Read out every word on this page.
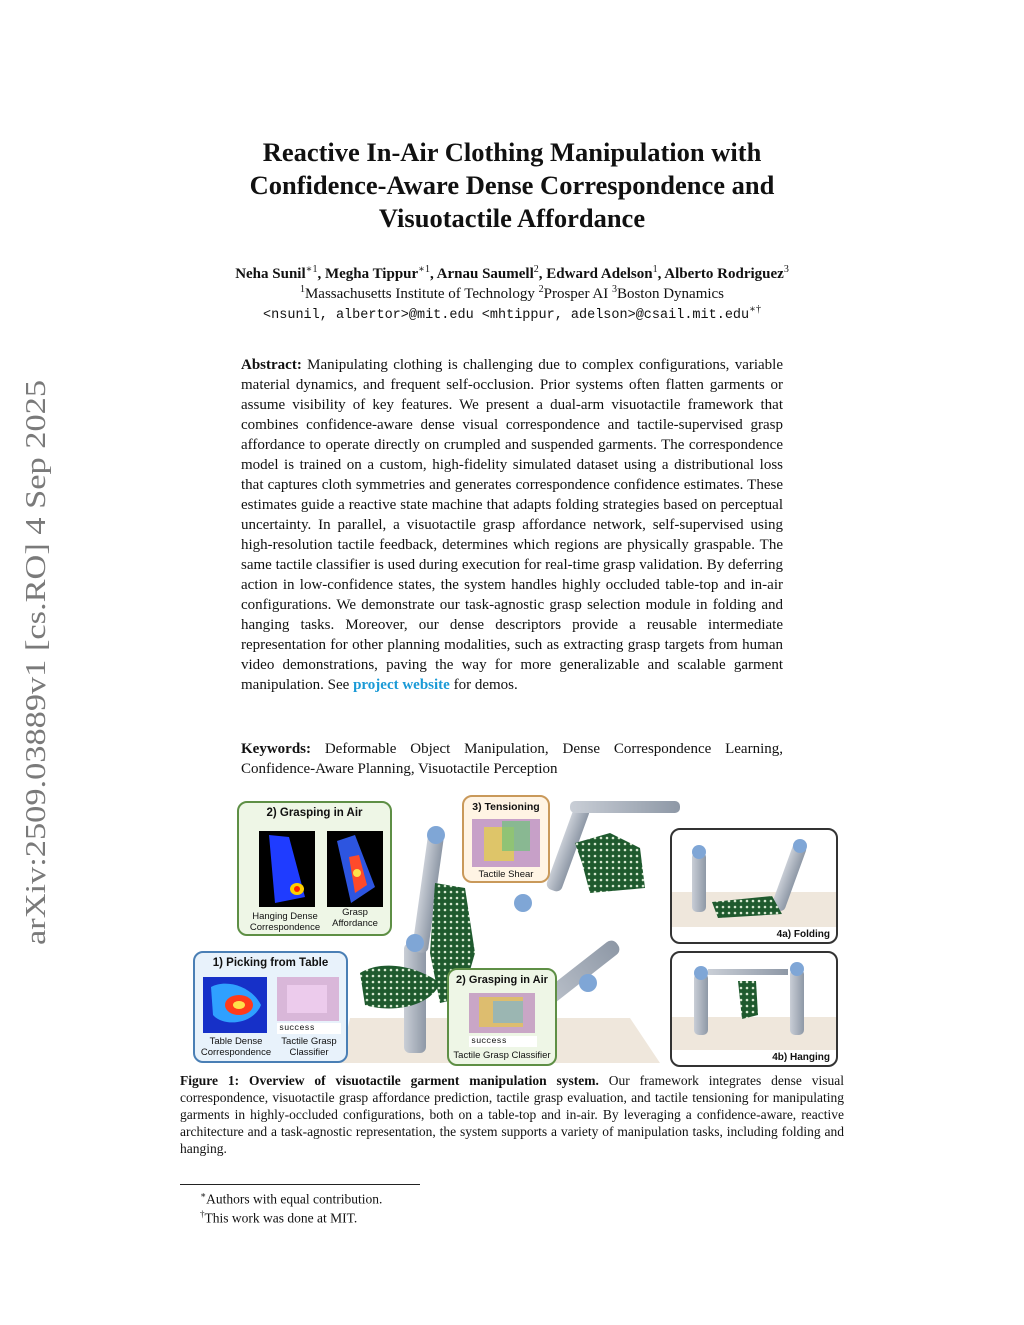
arXiv:2509.03889v1 [cs.RO] 4 Sep 2025
Reactive In-Air Clothing Manipulation with
Confidence-Aware Dense Correspondence and
Visuotactile Affordance
Neha Sunil$^{∗1}$, Megha Tippur$^{∗1}$, Arnau Saumell$^2$, Edward Adelson$^1$, Alberto Rodriguez$^3$
$^1$Massachusetts Institute of Technology $^2$Prosper AI $^3$Boston Dynamics
<nsunil, albertor>@mit.edu <mhtippur, adelson>@csail.mit.edu∗†
Abstract: Manipulating clothing is challenging due to complex configurations, variable material dynamics, and frequent self-occlusion. Prior systems often flatten garments or assume visibility of key features. We present a dual-arm visuotactile framework that combines confidence-aware dense visual correspondence and tactile-supervised grasp affordance to operate directly on crumpled and suspended garments. The correspondence model is trained on a custom, high-fidelity simulated dataset using a distributional loss that captures cloth symmetries and generates correspondence confidence estimates. These estimates guide a reactive state machine that adapts folding strategies based on perceptual uncertainty. In parallel, a visuotactile grasp affordance network, self-supervised using high-resolution tactile feedback, determines which regions are physically graspable. The same tactile classifier is used during execution for real-time grasp validation. By deferring action in low-confidence states, the system handles highly occluded table-top and in-air configurations. We demonstrate our task-agnostic grasp selection module in folding and hanging tasks. Moreover, our dense descriptors provide a reusable intermediate representation for other planning modalities, such as extracting grasp targets from human video demonstrations, paving the way for more generalizable and scalable garment manipulation. See project website for demos.
Keywords: Deformable Object Manipulation, Dense Correspondence Learning, Confidence-Aware Planning, Visuotactile Perception
2) Grasping in Air
Hanging Dense Correspondence
Grasp Affordance
3) Tensioning
Tactile Shear
1) Picking from Table
success
Table Dense Correspondence
Tactile Grasp Classifier
2) Grasping in Air
success
Tactile Grasp Classifier
4a) Folding
4b) Hanging
Figure 1: Overview of visuotactile garment manipulation system. Our framework integrates dense visual correspondence, visuotactile grasp affordance prediction, tactile grasp evaluation, and tactile tensioning for manipulating garments in highly-occluded configurations, both on a table-top and in-air. By leveraging a confidence-aware, reactive architecture and a task-agnostic representation, the system supports a variety of manipulation tasks, including folding and hanging.
∗Authors with equal contribution.
†This work was done at MIT.
